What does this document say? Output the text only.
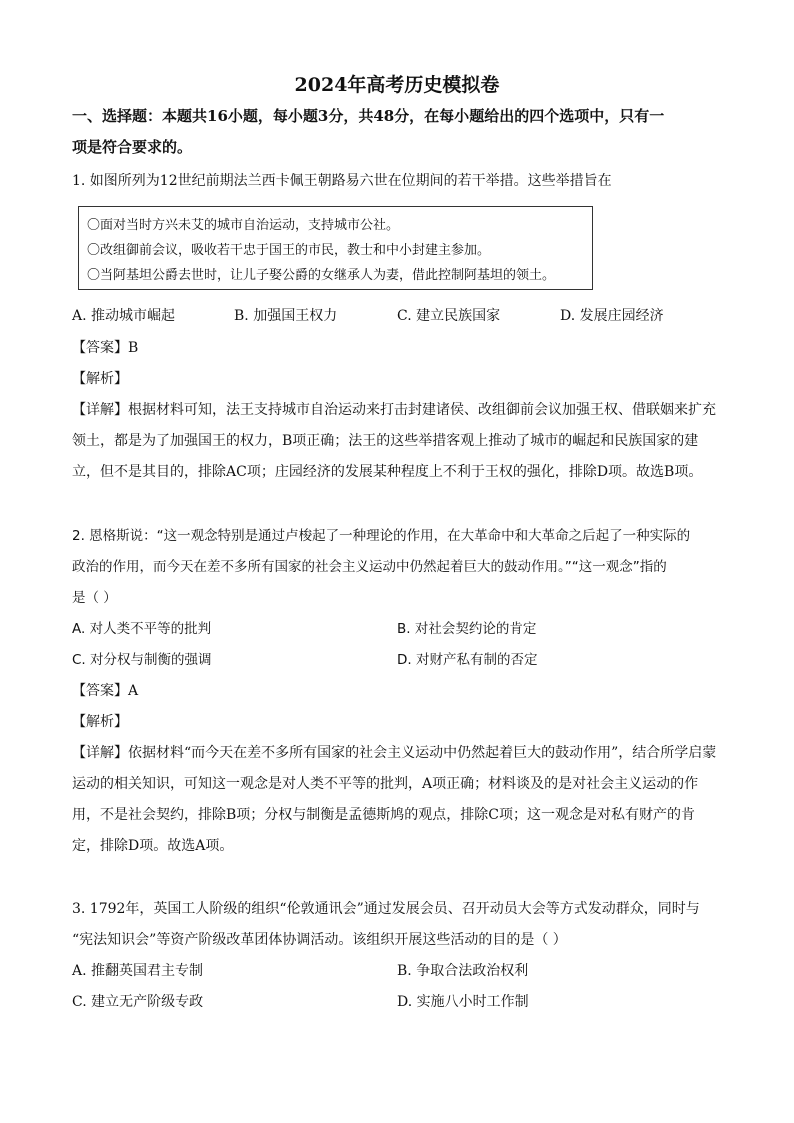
2024年高考历史模拟卷
一、选择题：本题共16小题，每小题3分，共48分，在每小题给出的四个选项中，只有一
项是符合要求的。
1. 如图所列为12世纪前期法兰西卡佩王朝路易六世在位期间的若干举措。这些举措旨在
〇面对当时方兴未艾的城市自治运动，支持城市公社。
〇改组御前会议，吸收若干忠于国王的市民，教士和中小封建主参加。
〇当阿基坦公爵去世时，让儿子娶公爵的女继承人为妻，借此控制阿基坦的领土。
A. 推动城市崛起	B. 加强国王权力	C. 建立民族国家	D. 发展庄园经济
【答案】B
【解析】
【详解】根据材料可知，法王支持城市自治运动来打击封建诸侯、改组御前会议加强王权、借联姻来扩充
领土，都是为了加强国王的权力，B项正确；法王的这些举措客观上推动了城市的崛起和民族国家的建
立，但不是其目的，排除AC项；庄园经济的发展某种程度上不利于王权的强化，排除D项。故选B项。
2. 恩格斯说：“这一观念特别是通过卢梭起了一种理论的作用，在大革命中和大革命之后起了一种实际的
政治的作用，而今天在差不多所有国家的社会主义运动中仍然起着巨大的鼓动作用。”“这一观念”指的
是（ ）
A. 对人类不平等的批判	B. 对社会契约论的肯定
C. 对分权与制衡的强调	D. 对财产私有制的否定
【答案】A
【解析】
【详解】依据材料“而今天在差不多所有国家的社会主义运动中仍然起着巨大的鼓动作用”，结合所学启蒙
运动的相关知识，可知这一观念是对人类不平等的批判，A项正确；材料谈及的是对社会主义运动的作
用，不是社会契约，排除B项；分权与制衡是孟德斯鸠的观点，排除C项；这一观念是对私有财产的肯
定，排除D项。故选A项。
3. 1792年，英国工人阶级的组织“伦敦通讯会”通过发展会员、召开动员大会等方式发动群众，同时与
“宪法知识会”等资产阶级改革团体协调活动。该组织开展这些活动的目的是（ ）
A. 推翻英国君主专制	B. 争取合法政治权利
C. 建立无产阶级专政	D. 实施八小时工作制
